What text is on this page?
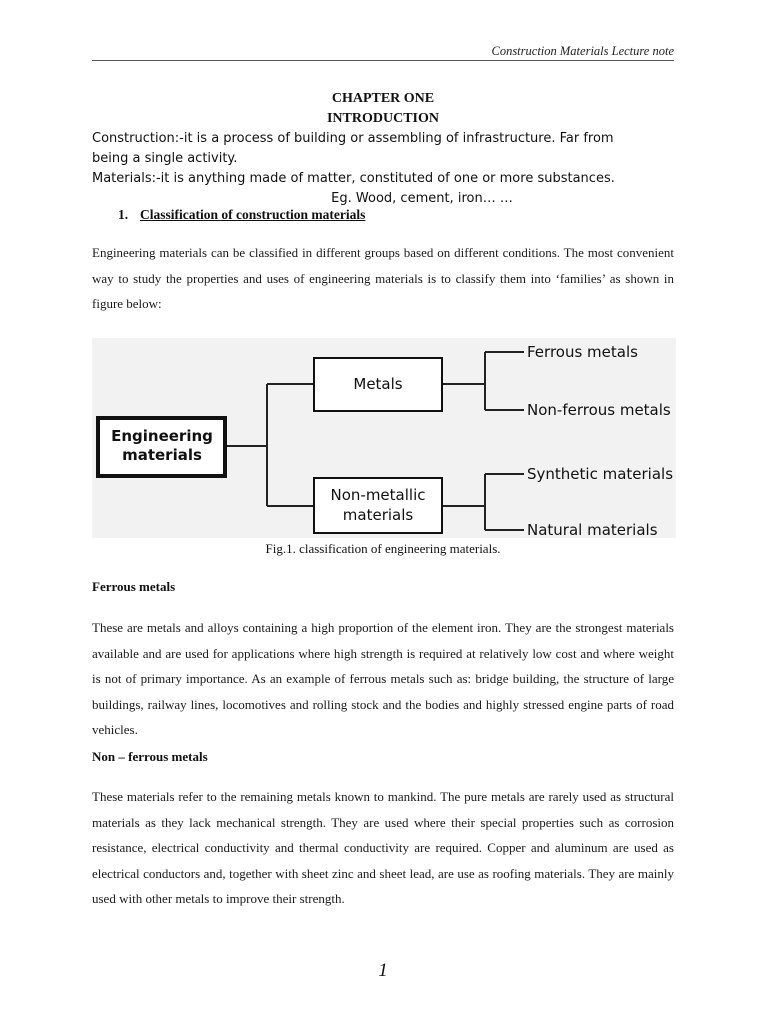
Construction Materials Lecture note
CHAPTER ONE
INTRODUCTION
Construction:-it is a process of building or assembling of infrastructure. Far from
being a single activity.
Materials:-it is anything made of matter, constituted of one or more substances.
Eg. Wood, cement, iron… …
1. Classification of construction materials
Engineering materials can be classified in different groups based on different conditions. The most convenient way to study the properties and uses of engineering materials is to classify them into ‘families’ as shown in figure below:
Engineering
materials
Metals
Non-metallic
materials
Ferrous metals
Non-ferrous metals
Synthetic materials
Natural materials
Fig.1. classification of engineering materials.
Ferrous metals
These are metals and alloys containing a high proportion of the element iron. They are the strongest materials available and are used for applications where high strength is required at relatively low cost and where weight is not of primary importance. As an example of ferrous metals such as: bridge building, the structure of large buildings, railway lines, locomotives and rolling stock and the bodies and highly stressed engine parts of road vehicles.
Non – ferrous metals
These materials refer to the remaining metals known to mankind. The pure metals are rarely used as structural materials as they lack mechanical strength. They are used where their special properties such as corrosion resistance, electrical conductivity and thermal conductivity are required. Copper and aluminum are used as electrical conductors and, together with sheet zinc and sheet lead, are use as roofing materials. They are mainly used with other metals to improve their strength.
1
